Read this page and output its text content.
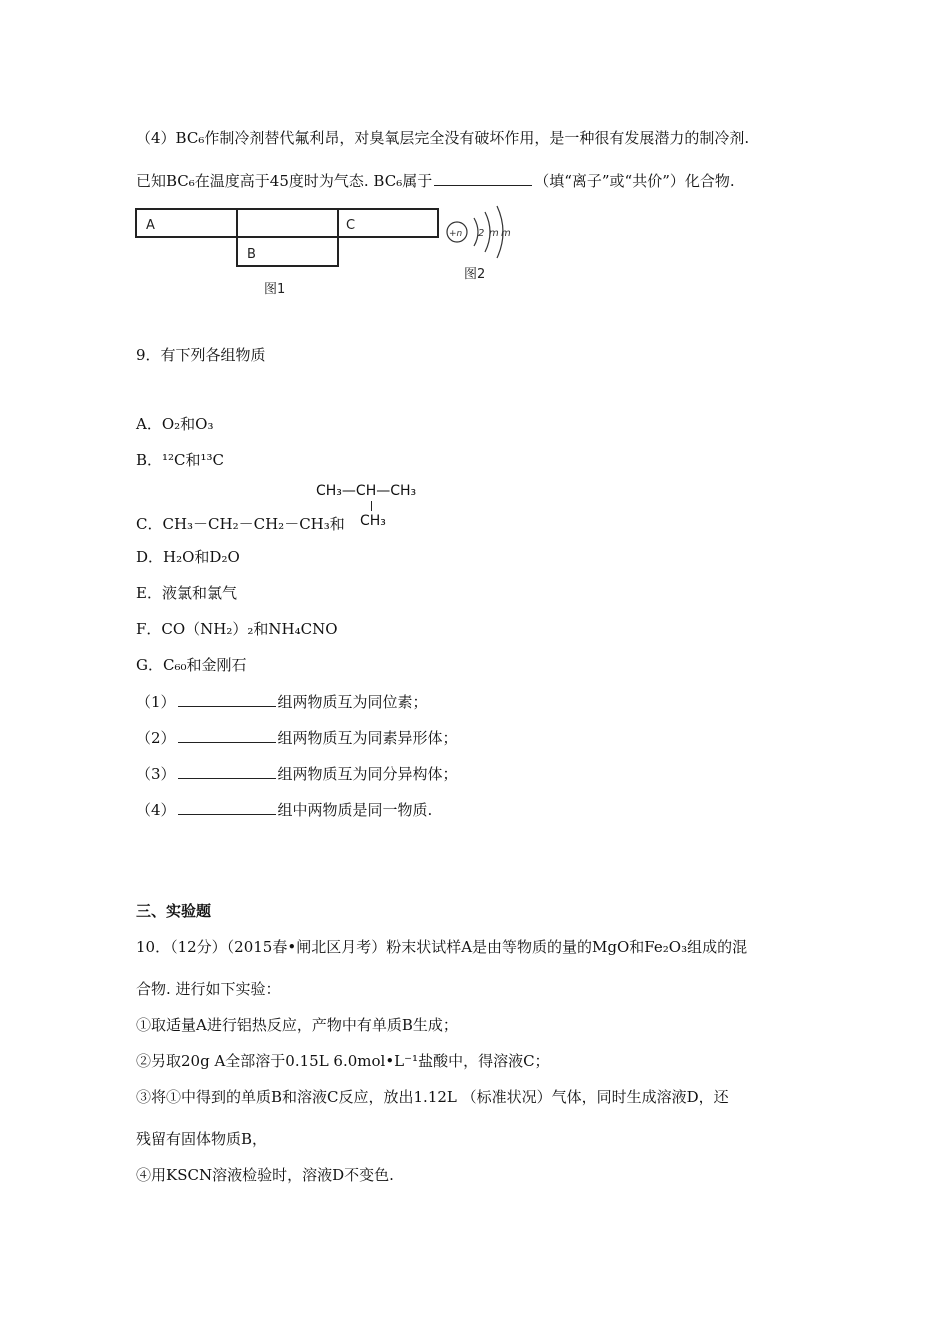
（4）BC₆作制冷剂替代氟利昂，对臭氧层完全没有破坏作用，是一种很有发展潜力的制冷剂.
已知BC₆在温度高于45度时为气态. BC₆属于	（填“离子”或“共价”）化合物.
A	C
B
图1
+n 2 m m
图2
9．有下列各组物质
A．O₂和O₃
B．¹²C和¹³C
CH₃—CH—CH₃
CH₃
C．CH₃－CH₂－CH₂－CH₃和
D．H₂O和D₂O
E．液氯和氯气
F．CO（NH₂）₂和NH₄CNO
G．C₆₀和金刚石
（1）	组两物质互为同位素；
（2）	组两物质互为同素异形体；
（3）	组两物质互为同分异构体；
（4）	组中两物质是同一物质.
三、实验题
10．（12分）（2015春•闸北区月考）粉末状试样A是由等物质的量的MgO和Fe₂O₃组成的混
合物. 进行如下实验：
①取适量A进行铝热反应，产物中有单质B生成；
②另取20g A全部溶于0.15L 6.0mol•L⁻¹盐酸中，得溶液C；
③将①中得到的单质B和溶液C反应，放出1.12L （标准状况）气体，同时生成溶液D，还
残留有固体物质B，
④用KSCN溶液检验时，溶液D不变色.
